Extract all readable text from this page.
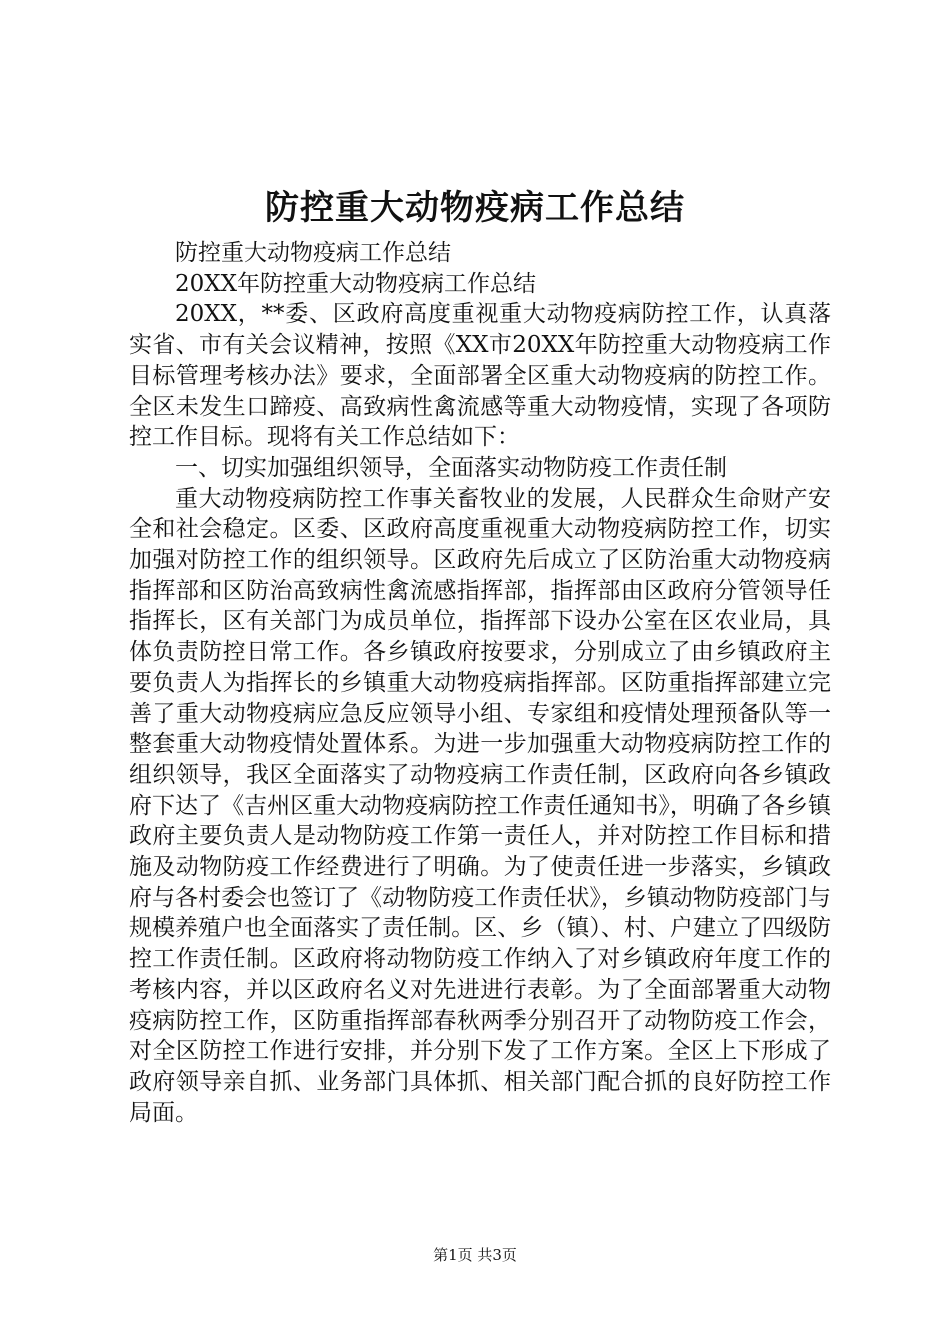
防控重大动物疫病工作总结

防控重大动物疫病工作总结

20XX年防控重大动物疫病工作总结

20XX，**委、区政府高度重视重大动物疫病防控工作，认真落实省、市有关会议精神，按照《XX市20XX年防控重大动物疫病工作目标管理考核办法》要求，全面部署全区重大动物疫病的防控工作。全区未发生口蹄疫、高致病性禽流感等重大动物疫情，实现了各项防控工作目标。现将有关工作总结如下：

一、切实加强组织领导，全面落实动物防疫工作责任制

重大动物疫病防控工作事关畜牧业的发展，人民群众生命财产安全和社会稳定。区委、区政府高度重视重大动物疫病防控工作，切实加强对防控工作的组织领导。区政府先后成立了区防治重大动物疫病指挥部和区防治高致病性禽流感指挥部，指挥部由区政府分管领导任指挥长，区有关部门为成员单位，指挥部下设办公室在区农业局，具体负责防控日常工作。各乡镇政府按要求，分别成立了由乡镇政府主要负责人为指挥长的乡镇重大动物疫病指挥部。区防重指挥部建立完善了重大动物疫病应急反应领导小组、专家组和疫情处理预备队等一整套重大动物疫情处置体系。为进一步加强重大动物疫病防控工作的组织领导，我区全面落实了动物疫病工作责任制，区政府向各乡镇政府下达了《吉州区重大动物疫病防控工作责任通知书》，明确了各乡镇政府主要负责人是动物防疫工作第一责任人，并对防控工作目标和措施及动物防疫工作经费进行了明确。为了使责任进一步落实，乡镇政府与各村委会也签订了《动物防疫工作责任状》，乡镇动物防疫部门与规模养殖户也全面落实了责任制。区、乡（镇）、村、户建立了四级防控工作责任制。区政府将动物防疫工作纳入了对乡镇政府年度工作的考核内容，并以区政府名义对先进进行表彰。为了全面部署重大动物疫病防控工作，区防重指挥部春秋两季分别召开了动物防疫工作会，对全区防控工作进行安排，并分别下发了工作方案。全区上下形成了政府领导亲自抓、业务部门具体抓、相关部门配合抓的良好防控工作局面。

第1页 共3页
